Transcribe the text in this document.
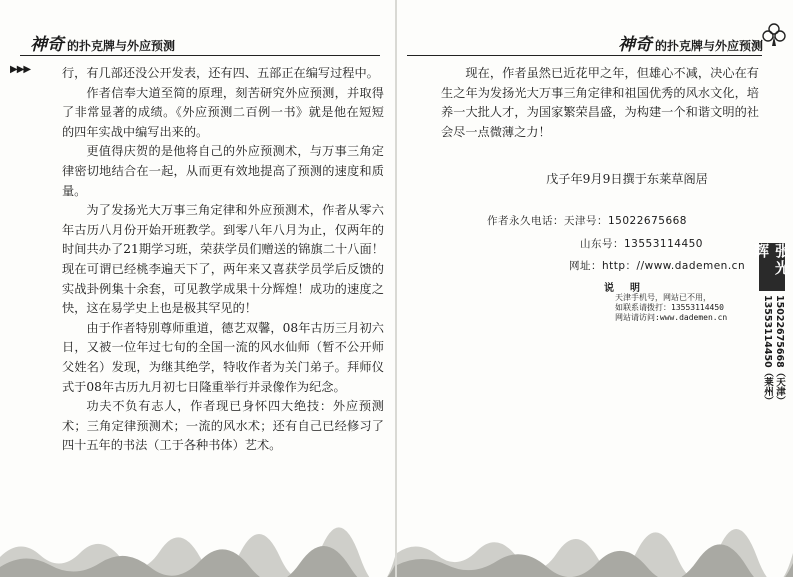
神奇 的扑克牌与外应预测
▶▶▶	行，有几部还没公开发表，还有四、五部正在编写过程中。

作者信奉大道至简的原理，刻苦研究外应预测，并取得了非常显著的成绩。《外应预测二百例一书》就是他在短短的四年实战中编写出来的。

更值得庆贺的是他将自己的外应预测术，与万事三角定律密切地结合在一起，从而更有效地提高了预测的速度和质量。

为了发扬光大万事三角定律和外应预测术，作者从零六年古历八月份开始开班教学。到零八年八月为止，仅两年的时间共办了21期学习班，荣获学员们赠送的锦旗二十八面！现在可谓已经桃李遍天下了，两年来又喜获学员学后反馈的实战卦例集十余套，可见教学成果十分辉煌！成功的速度之快，这在易学史上也是极其罕见的！

由于作者特别尊师重道，德艺双馨，08年古历三月初六日，又被一位年过七旬的全国一流的风水仙师（暂不公开师父姓名）发现，为继其绝学，特收作者为关门弟子。拜师仪式于08年古历九月初七日隆重举行并录像作为纪念。

功夫不负有志人，作者现已身怀四大绝技：外应预测术；三角定律预测术；一流的风水术；还有自己已经修习了四十五年的书法（工于各种书体）艺术。

神奇 的扑克牌与外应预测

现在，作者虽然已近花甲之年，但雄心不减，决心在有生之年为发扬光大万事三角定律和祖国优秀的风水文化，培养一大批人才，为国家繁荣昌盛，为构建一个和谐文明的社会尽一点微薄之力！

戊子年9月9日撰于东莱草阁居
作者永久电话：天津号：15022675668
山东号：13553114450
网址：http：//www.dademen.cn
说　明
天津手机号，网站已不用，
如联系请拨打：13553114450
网站请访问:www.dademen.cn
张光辉
13553114450（莱州） 15022675668（天津）
